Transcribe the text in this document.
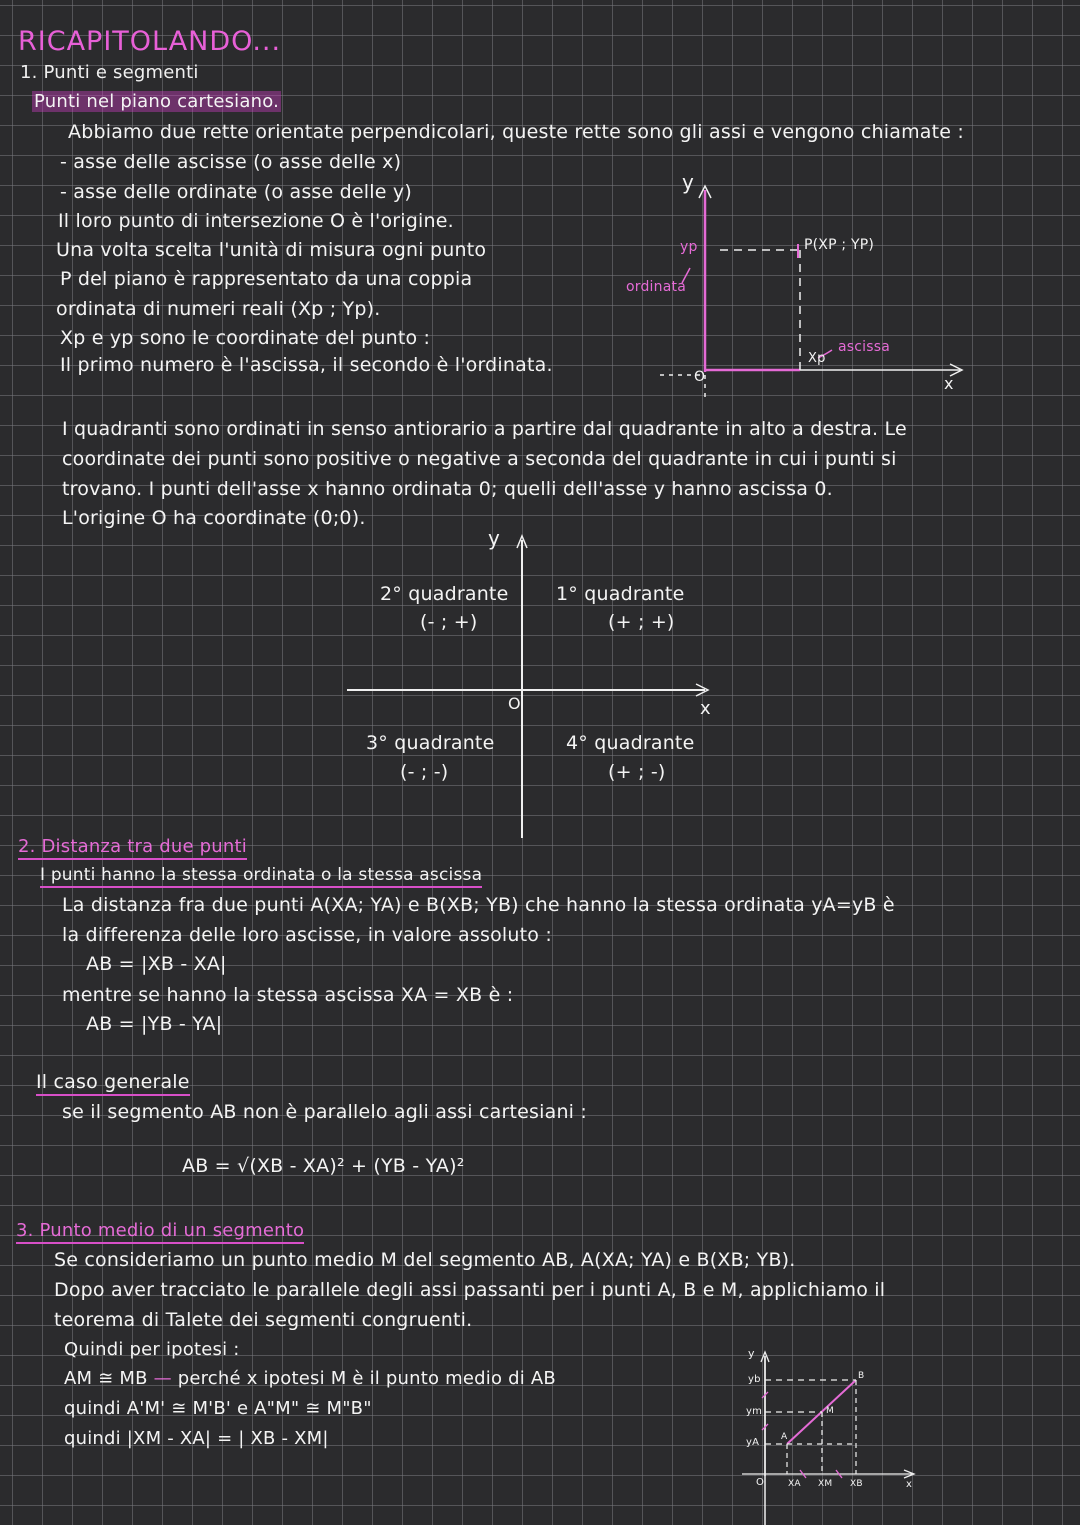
RICAPITOLANDO...
1. Punti e segmenti
Punti nel piano cartesiano.
Abbiamo due rette orientate perpendicolari, queste rette sono gli assi e vengono chiamate :
- asse delle ascisse (o asse delle x)
- asse delle ordinate (o asse delle y)
Il loro punto di intersezione O è l'origine.
Una volta scelta l'unità di misura ogni punto
P del piano è rappresentato da una coppia
ordinata di numeri reali (Xp ; Yp).
Xp e yp sono le coordinate del punto :
Il primo numero è l'ascissa, il secondo è l'ordinata.
y
x
P(XP ; YP)
yp
ordinata
Xp
ascissa
O
I quadranti sono ordinati in senso antiorario a partire dal quadrante in alto a destra. Le
coordinate dei punti sono positive o negative a seconda del quadrante in cui i punti si
trovano. I punti dell'asse x hanno ordinata 0; quelli dell'asse y hanno ascissa 0.
L'origine O ha coordinate (0;0).
y
x
O
2° quadrante
(- ; +)
1° quadrante
(+ ; +)
3° quadrante
(- ; -)
4° quadrante
(+ ; -)
2. Distanza tra due punti
I punti hanno la stessa ordinata o la stessa ascissa
La distanza fra due punti A(XA; YA) e B(XB; YB) che hanno la stessa ordinata yA=yB è
la differenza delle loro ascisse, in valore assoluto :
AB = |XB - XA|
mentre se hanno la stessa ascissa XA = XB è :
AB = |YB - YA|
Il caso generale
se il segmento AB non è parallelo agli assi cartesiani :
AB = √(XB - XA)² + (YB - YA)²
3. Punto medio di un segmento
Se consideriamo un punto medio M del segmento AB, A(XA; YA) e B(XB; YB).
Dopo aver tracciato le parallele degli assi passanti per i punti A, B e M, applichiamo il
teorema di Talete dei segmenti congruenti.
Quindi per ipotesi :
AM ≅ MB — perché x ipotesi M è il punto medio di AB
quindi A'M' ≅ M'B' e A"M" ≅ M"B"
quindi |XM - XA| = | XB - XM|
y
yb
ym
yA
O	XA XM XB	x
A
M
B
